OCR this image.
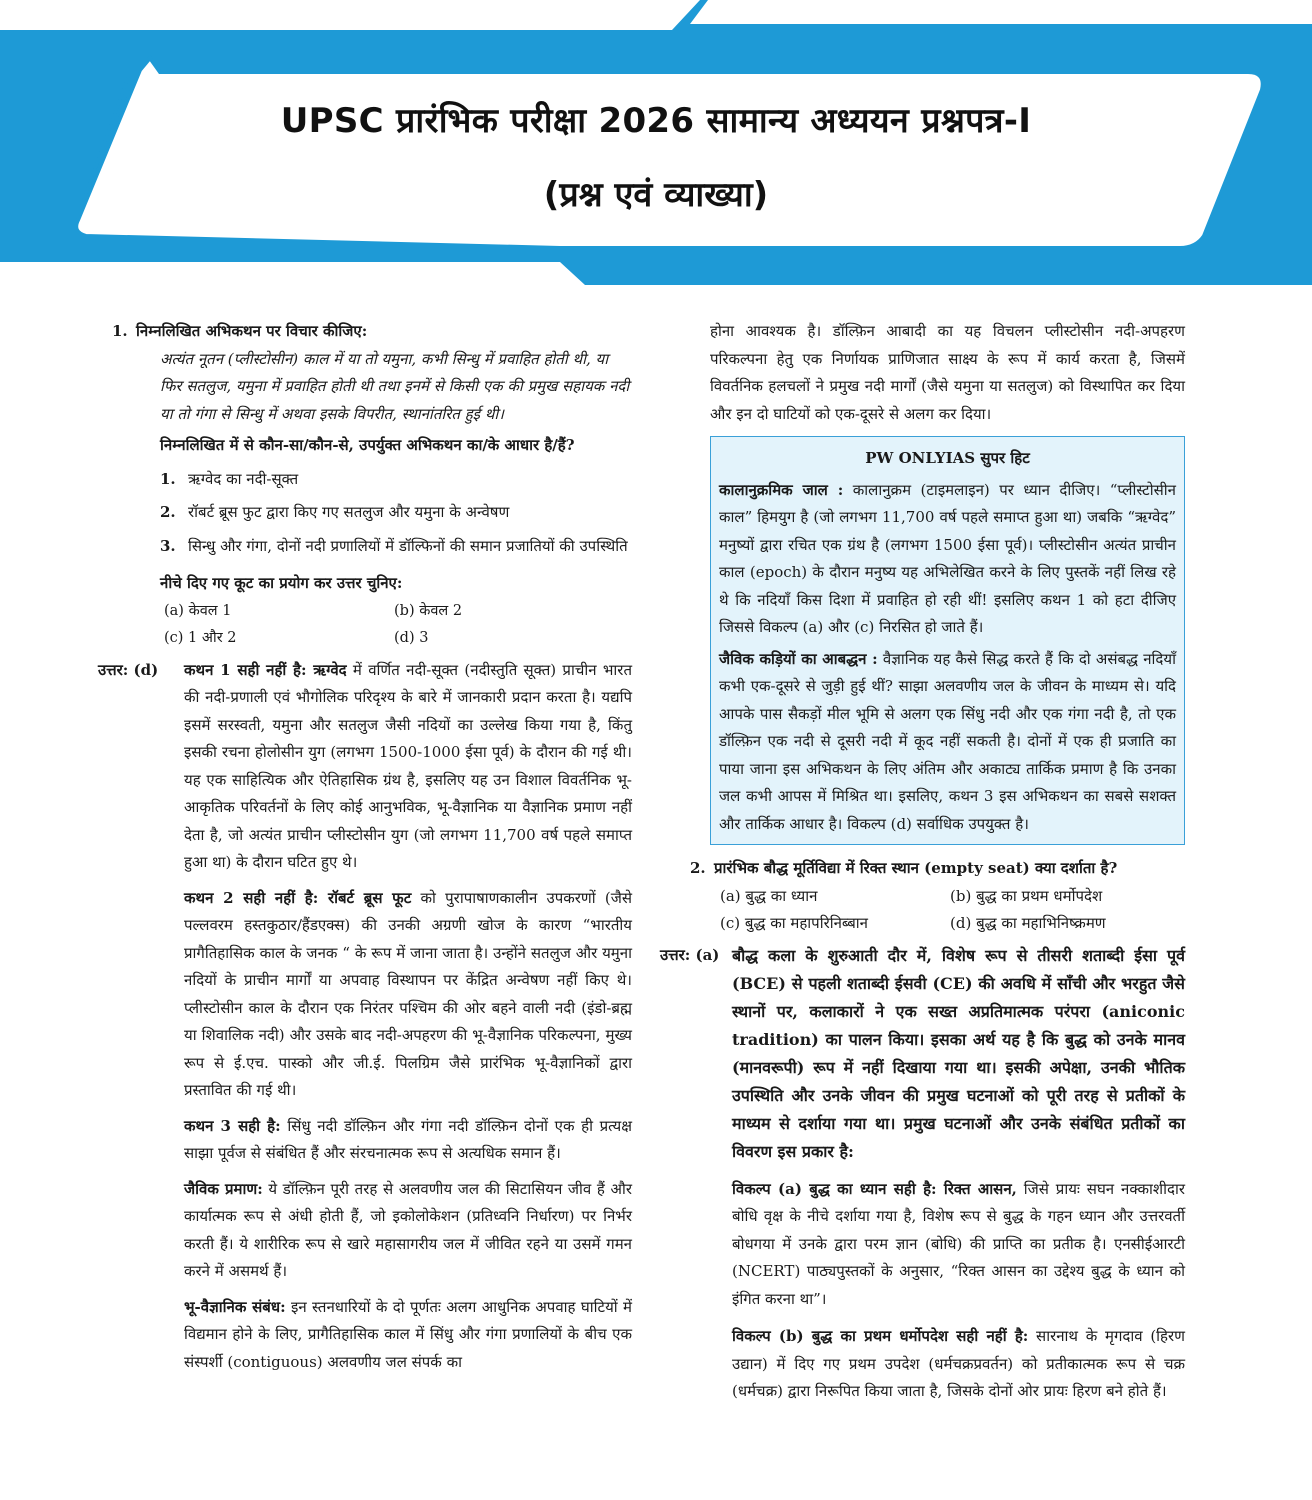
UPSC प्रारंभिक परीक्षा 2026 सामान्य अध्ययन प्रश्नपत्र-I
(प्रश्न एवं व्याख्या)

1. निम्नलिखित अभिकथन पर विचार कीजिए:

अत्यंत नूतन (प्लीस्टोसीन) काल में या तो यमुना, कभी सिन्धु में प्रवाहित होती थी, या फिर सतलुज, यमुना में प्रवाहित होती थी तथा इनमें से किसी एक की प्रमुख सहायक नदी या तो गंगा से सिन्धु में अथवा इसके विपरीत, स्थानांतरित हुई थी।

निम्नलिखित में से कौन-सा/कौन-से, उपर्युक्त अभिकथन का/के आधार है/हैं?

1. ऋग्वेद का नदी-सूक्त
2. रॉबर्ट ब्रूस फुट द्वारा किए गए सतलुज और यमुना के अन्वेषण
3. सिन्धु और गंगा, दोनों नदी प्रणालियों में डॉल्फिनों की समान प्रजातियों की उपस्थिति

नीचे दिए गए कूट का प्रयोग कर उत्तर चुनिए:

(a) केवल 1	(b) केवल 2
(c) 1 और 2	(d) 3
उत्तर: (d)	कथन 1 सही नहीं है: ऋग्वेद में वर्णित नदी-सूक्त (नदीस्तुति सूक्त) प्राचीन भारत की नदी-प्रणाली एवं भौगोलिक परिदृश्य के बारे में जानकारी प्रदान करता है। यद्यपि इसमें सरस्वती, यमुना और सतलुज जैसी नदियों का उल्लेख किया गया है, किंतु इसकी रचना होलोसीन युग (लगभग 1500-1000 ईसा पूर्व) के दौरान की गई थी। यह एक साहित्यिक और ऐतिहासिक ग्रंथ है, इसलिए यह उन विशाल विवर्तनिक भू-आकृतिक परिवर्तनों के लिए कोई आनुभविक, भू-वैज्ञानिक या वैज्ञानिक प्रमाण नहीं देता है, जो अत्यंत प्राचीन प्लीस्टोसीन युग (जो लगभग 11,700 वर्ष पहले समाप्त हुआ था) के दौरान घटित हुए थे।

कथन 2 सही नहीं है: रॉबर्ट ब्रूस फूट को पुरापाषाणकालीन उपकरणों (जैसे पल्लवरम हस्तकुठार/हैंडएक्स) की उनकी अग्रणी खोज के कारण “भारतीय प्रागैतिहासिक काल के जनक “ के रूप में जाना जाता है। उन्होंने सतलुज और यमुना नदियों के प्राचीन मार्गों या अपवाह विस्थापन पर केंद्रित अन्वेषण नहीं किए थे। प्लीस्टोसीन काल के दौरान एक निरंतर पश्चिम की ओर बहने वाली नदी (इंडो-ब्रह्म या शिवालिक नदी) और उसके बाद नदी-अपहरण की भू-वैज्ञानिक परिकल्पना, मुख्य रूप से ई.एच. पास्को और जी.ई. पिलग्रिम जैसे प्रारंभिक भू-वैज्ञानिकों द्वारा प्रस्तावित की गई थी।

कथन 3 सही है: सिंधु नदी डॉल्फ़िन और गंगा नदी डॉल्फ़िन दोनों एक ही प्रत्यक्ष साझा पूर्वज से संबंधित हैं और संरचनात्मक रूप से अत्यधिक समान हैं।

जैविक प्रमाण: ये डॉल्फ़िन पूरी तरह से अलवणीय जल की सिटासियन जीव हैं और कार्यात्मक रूप से अंधी होती हैं, जो इकोलोकेशन (प्रतिध्वनि निर्धारण) पर निर्भर करती हैं। ये शारीरिक रूप से खारे महासागरीय जल में जीवित रहने या उसमें गमन करने में असमर्थ हैं।

भू-वैज्ञानिक संबंध: इन स्तनधारियों के दो पूर्णतः अलग आधुनिक अपवाह घाटियों में विद्यमान होने के लिए, प्रागैतिहासिक काल में सिंधु और गंगा प्रणालियों के बीच एक संस्पर्शी (contiguous) अलवणीय जल संपर्क का

होना आवश्यक है। डॉल्फ़िन आबादी का यह विचलन प्लीस्टोसीन नदी-अपहरण परिकल्पना हेतु एक निर्णायक प्राणिजात साक्ष्य के रूप में कार्य करता है, जिसमें विवर्तनिक हलचलों ने प्रमुख नदी मार्गों (जैसे यमुना या सतलुज) को विस्थापित कर दिया और इन दो घाटियों को एक-दूसरे से अलग कर दिया।

PW ONLYIAS सुपर हिट

कालानुक्रमिक जाल : कालानुक्रम (टाइमलाइन) पर ध्यान दीजिए। “प्लीस्टोसीन काल” हिमयुग है (जो लगभग 11,700 वर्ष पहले समाप्त हुआ था) जबकि “ऋग्वेद” मनुष्यों द्वारा रचित एक ग्रंथ है (लगभग 1500 ईसा पूर्व)। प्लीस्टोसीन अत्यंत प्राचीन काल (epoch) के दौरान मनुष्य यह अभिलेखित करने के लिए पुस्तकें नहीं लिख रहे थे कि नदियाँ किस दिशा में प्रवाहित हो रही थीं! इसलिए कथन 1 को हटा दीजिए जिससे विकल्प (a) और (c) निरसित हो जाते हैं।

जैविक कड़ियों का आबद्धन : वैज्ञानिक यह कैसे सिद्ध करते हैं कि दो असंबद्ध नदियाँ कभी एक-दूसरे से जुड़ी हुई थीं? साझा अलवणीय जल के जीवन के माध्यम से। यदि आपके पास सैकड़ों मील भूमि से अलग एक सिंधु नदी और एक गंगा नदी है, तो एक डॉल्फ़िन एक नदी से दूसरी नदी में कूद नहीं सकती है। दोनों में एक ही प्रजाति का पाया जाना इस अभिकथन के लिए अंतिम और अकाट्य तार्किक प्रमाण है कि उनका जल कभी आपस में मिश्रित था। इसलिए, कथन 3 इस अभिकथन का सबसे सशक्त और तार्किक आधार है। विकल्प (d) सर्वाधिक उपयुक्त है।

2. प्रारंभिक बौद्ध मूर्तिविद्या में रिक्त स्थान (empty seat) क्या दर्शाता है?

(a) बुद्ध का ध्यान	(b) बुद्ध का प्रथम धर्मोपदेश
(c) बुद्ध का महापरिनिब्बान	(d) बुद्ध का महाभिनिष्क्रमण
उत्तर: (a) बौद्ध कला के शुरुआती दौर में, विशेष रूप से तीसरी शताब्दी ईसा पूर्व (BCE) से पहली शताब्दी ईसवी (CE) की अवधि में साँची और भरहुत जैसे स्थानों पर, कलाकारों ने एक सख्त अप्रतिमात्मक परंपरा (aniconic tradition) का पालन किया। इसका अर्थ यह है कि बुद्ध को उनके मानव (मानवरूपी) रूप में नहीं दिखाया गया था। इसकी अपेक्षा, उनकी भौतिक उपस्थिति और उनके जीवन की प्रमुख घटनाओं को पूरी तरह से प्रतीकों के माध्यम से दर्शाया गया था। प्रमुख घटनाओं और उनके संबंधित प्रतीकों का विवरण इस प्रकार है:

विकल्प (a) बुद्ध का ध्यान सही है: रिक्त आसन, जिसे प्रायः सघन नक्काशीदार बोधि वृक्ष के नीचे दर्शाया गया है, विशेष रूप से बुद्ध के गहन ध्यान और उत्तरवर्ती बोधगया में उनके द्वारा परम ज्ञान (बोधि) की प्राप्ति का प्रतीक है। एनसीईआरटी (NCERT) पाठ्यपुस्तकों के अनुसार, “रिक्त आसन का उद्देश्य बुद्ध के ध्यान को इंगित करना था”।

विकल्प (b) बुद्ध का प्रथम धर्मोपदेश सही नहीं है: सारनाथ के मृगदाव (हिरण उद्यान) में दिए गए प्रथम उपदेश (धर्मचक्रप्रवर्तन) को प्रतीकात्मक रूप से चक्र (धर्मचक्र) द्वारा निरूपित किया जाता है, जिसके दोनों ओर प्रायः हिरण बने होते हैं।
